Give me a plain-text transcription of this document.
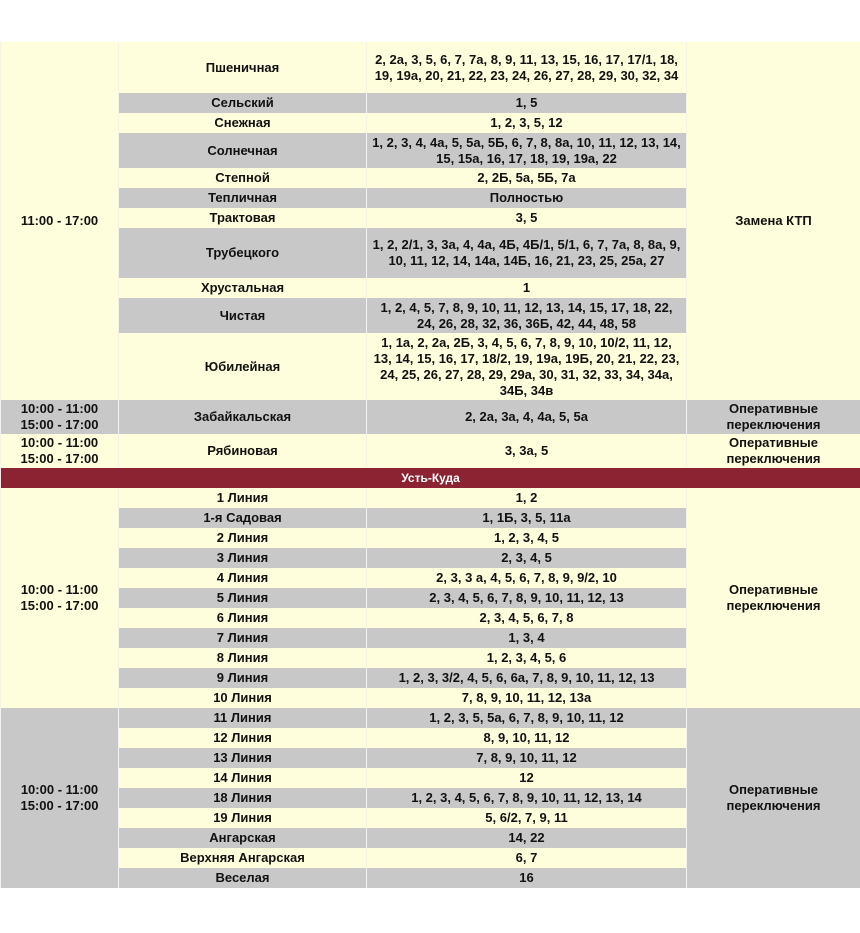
11:00 - 17:00	Пшеничная	2, 2а, 3, 5, 6, 7, 7а, 8, 9, 11, 13, 15, 16, 17, 17/1, 18, 19, 19а, 20, 21, 22, 23, 24, 26, 27, 28, 29, 30, 32, 34	Замена КТП
	Сельский	1, 5	
	Снежная	1, 2, 3, 5, 12	
	Солнечная	1, 2, 3, 4, 4а, 5, 5а, 5Б, 6, 7, 8, 8а, 10, 11, 12, 13, 14, 15, 15а, 16, 17, 18, 19, 19а, 22	
	Степной	2, 2Б, 5а, 5Б, 7а	
	Тепличная	Полностью	
	Трактовая	3, 5	
	Трубецкого	1, 2, 2/1, 3, 3а, 4, 4а, 4Б, 4Б/1, 5/1, 6, 7, 7а, 8, 8а, 9, 10, 11, 12, 14, 14а, 14Б, 16, 21, 23, 25, 25а, 27	
	Хрустальная	1	
	Чистая	1, 2, 4, 5, 7, 8, 9, 10, 11, 12, 13, 14, 15, 17, 18, 22, 24, 26, 28, 32, 36, 36Б, 42, 44, 48, 58	
	Юбилейная	1, 1а, 2, 2а, 2Б, 3, 4, 5, 6, 7, 8, 9, 10, 10/2, 11, 12, 13, 14, 15, 16, 17, 18/2, 19, 19а, 19Б, 20, 21, 22, 23, 24, 25, 26, 27, 28, 29, 29а, 30, 31, 32, 33, 34, 34а, 34Б, 34в	

10:00 - 11:00
15:00 - 17:00	Забайкальская	2, 2а, 3а, 4, 4а, 5, 5а	Оперативные переключения

10:00 - 11:00
15:00 - 17:00	Рябиновая	3, 3а, 5	Оперативные переключения
Усть-Куда			

10:00 - 11:00
15:00 - 17:00	1 Линия	1, 2	Оперативные переключения
	1-я Садовая	1, 1Б, 3, 5, 11а	
	2 Линия	1, 2, 3, 4, 5	
	3 Линия	2, 3, 4, 5	
	4 Линия	2, 3, 3 а, 4, 5, 6, 7, 8, 9, 9/2, 10	
	5 Линия	2, 3, 4, 5, 6, 7, 8, 9, 10, 11, 12, 13	
	6 Линия	2, 3, 4, 5, 6, 7, 8	
	7 Линия	1, 3, 4	
	8 Линия	1, 2, 3, 4, 5, 6	
	9 Линия	1, 2, 3, 3/2, 4, 5, 6, 6а, 7, 8, 9, 10, 11, 12, 13	
	10 Линия	7, 8, 9, 10, 11, 12, 13а	

10:00 - 11:00
15:00 - 17:00	11 Линия	1, 2, 3, 5, 5а, 6, 7, 8, 9, 10, 11, 12	Оперативные переключения
	12 Линия	8, 9, 10, 11, 12	
	13 Линия	7, 8, 9, 10, 11, 12	
	14 Линия	12	
	18 Линия	1, 2, 3, 4, 5, 6, 7, 8, 9, 10, 11, 12, 13, 14	
	19 Линия	5, 6/2, 7, 9, 11	
	Ангарская	14, 22	
	Верхняя Ангарская	6, 7	
	Веселая	16	
